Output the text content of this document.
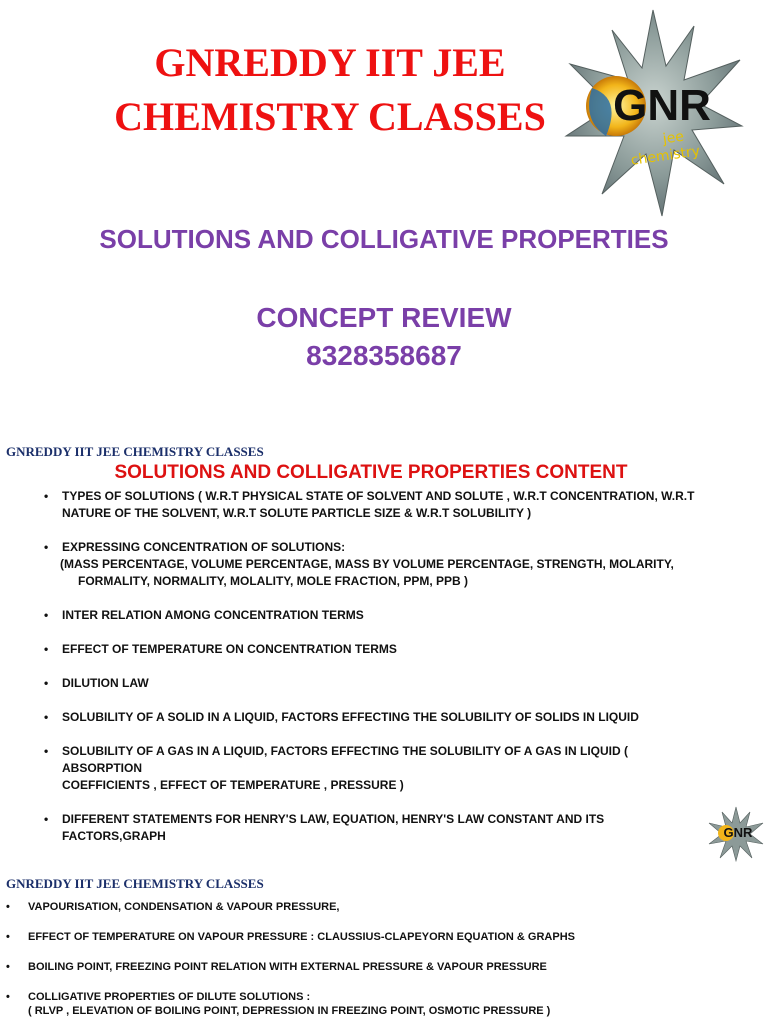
GNREDDY IIT JEE
CHEMISTRY CLASSES	GNR
jee
chemistry
SOLUTIONS AND COLLIGATIVE PROPERTIES
CONCEPT REVIEW
8328358687
GNREDDY IIT JEE CHEMISTRY CLASSES
SOLUTIONS AND COLLIGATIVE PROPERTIES CONTENT
• TYPES OF SOLUTIONS ( W.R.T PHYSICAL STATE OF SOLVENT AND SOLUTE , W.R.T CONCENTRATION, W.R.T
NATURE OF THE SOLVENT, W.R.T SOLUTE PARTICLE SIZE & W.R.T SOLUBILITY )
• EXPRESSING CONCENTRATION OF SOLUTIONS:
(MASS PERCENTAGE, VOLUME PERCENTAGE, MASS BY VOLUME PERCENTAGE, STRENGTH, MOLARITY,
FORMALITY, NORMALITY, MOLALITY, MOLE FRACTION, PPM, PPB )
• INTER RELATION AMONG CONCENTRATION TERMS
• EFFECT OF TEMPERATURE ON CONCENTRATION TERMS
• DILUTION LAW
• SOLUBILITY OF A SOLID IN A LIQUID, FACTORS EFFECTING THE SOLUBILITY OF SOLIDS IN LIQUID
• SOLUBILITY OF A GAS IN A LIQUID, FACTORS EFFECTING THE SOLUBILITY OF A GAS IN LIQUID ( ABSORPTION
COEFFICIENTS , EFFECT OF TEMPERATURE , PRESSURE )
• DIFFERENT STATEMENTS FOR HENRY'S LAW, EQUATION, HENRY'S LAW CONSTANT AND ITS FACTORS,GRAPH	GNR
GNREDDY IIT JEE CHEMISTRY CLASSES
• VAPOURISATION, CONDENSATION & VAPOUR PRESSURE,
• EFFECT OF TEMPERATURE ON VAPOUR PRESSURE : CLAUSSIUS-CLAPEYORN EQUATION & GRAPHS
• BOILING POINT, FREEZING POINT RELATION WITH EXTERNAL PRESSURE & VAPOUR PRESSURE
• COLLIGATIVE PROPERTIES OF DILUTE SOLUTIONS :
( RLVP , ELEVATION OF BOILING POINT, DEPRESSION IN FREEZING POINT, OSMOTIC PRESSURE )
